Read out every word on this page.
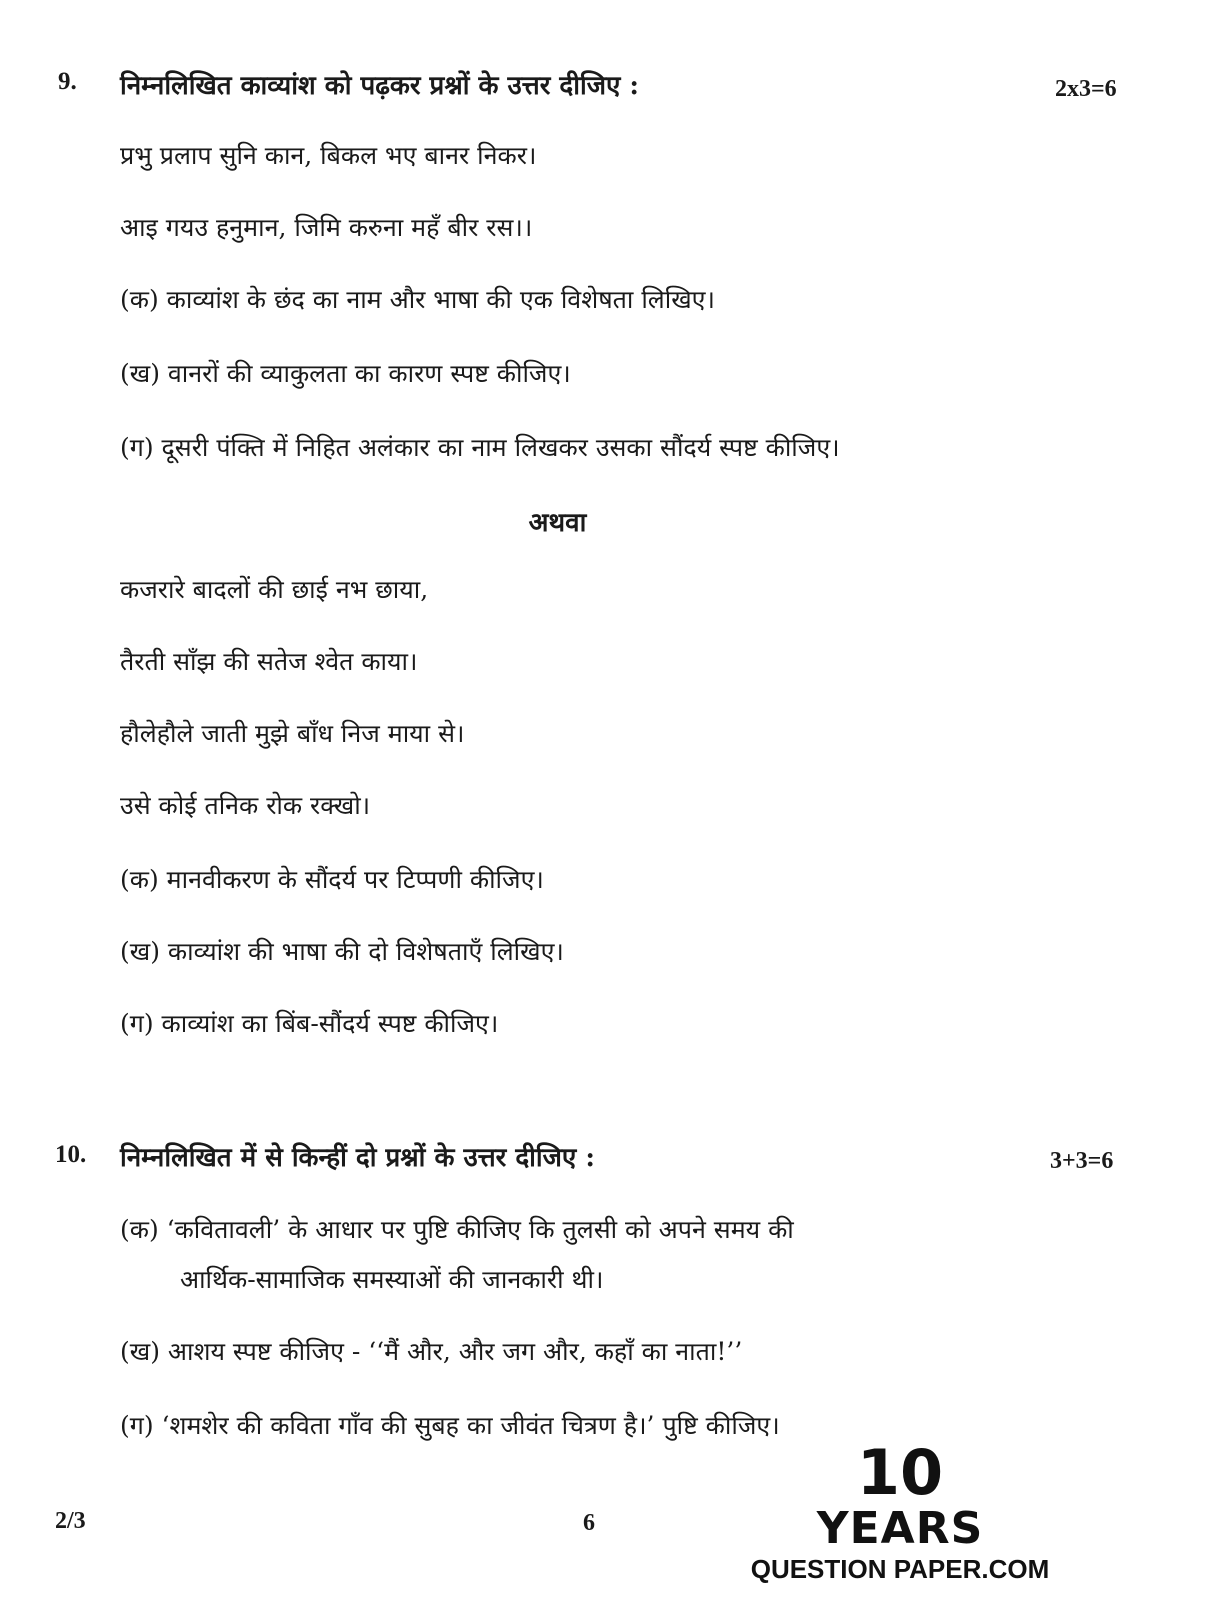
9. निम्नलिखित काव्यांश को पढ़कर प्रश्नों के उत्तर दीजिए :	2x3=6
प्रभु प्रलाप सुनि कान, बिकल भए बानर निकर।
आइ गयउ हनुमान, जिमि करुना महँ बीर रस।।
(क) काव्यांश के छंद का नाम और भाषा की एक विशेषता लिखिए।
(ख) वानरों की व्याकुलता का कारण स्पष्ट कीजिए।
(ग) दूसरी पंक्ति में निहित अलंकार का नाम लिखकर उसका सौंदर्य स्पष्ट कीजिए।
अथवा
कजरारे बादलों की छाई नभ छाया,
तैरती साँझ की सतेज श्वेत काया।
हौलेहौले जाती मुझे बाँध निज माया से।
उसे कोई तनिक रोक रक्खो।
(क) मानवीकरण के सौंदर्य पर टिप्पणी कीजिए।
(ख) काव्यांश की भाषा की दो विशेषताएँ लिखिए।
(ग) काव्यांश का बिंब-सौंदर्य स्पष्ट कीजिए।
10. निम्नलिखित में से किन्हीं दो प्रश्नों के उत्तर दीजिए :	3+3=6
(क) ‘कवितावली’ के आधार पर पुष्टि कीजिए कि तुलसी को अपने समय की
आर्थिक-सामाजिक समस्याओं की जानकारी थी।
(ख) आशय स्पष्ट कीजिए - ‘‘मैं और, और जग और, कहाँ का नाता!’’
(ग) ‘शमशेर की कविता गाँव की सुबह का जीवंत चित्रण है।’ पुष्टि कीजिए।
2/3	6
10
YEARS
QUESTION PAPER.COM
